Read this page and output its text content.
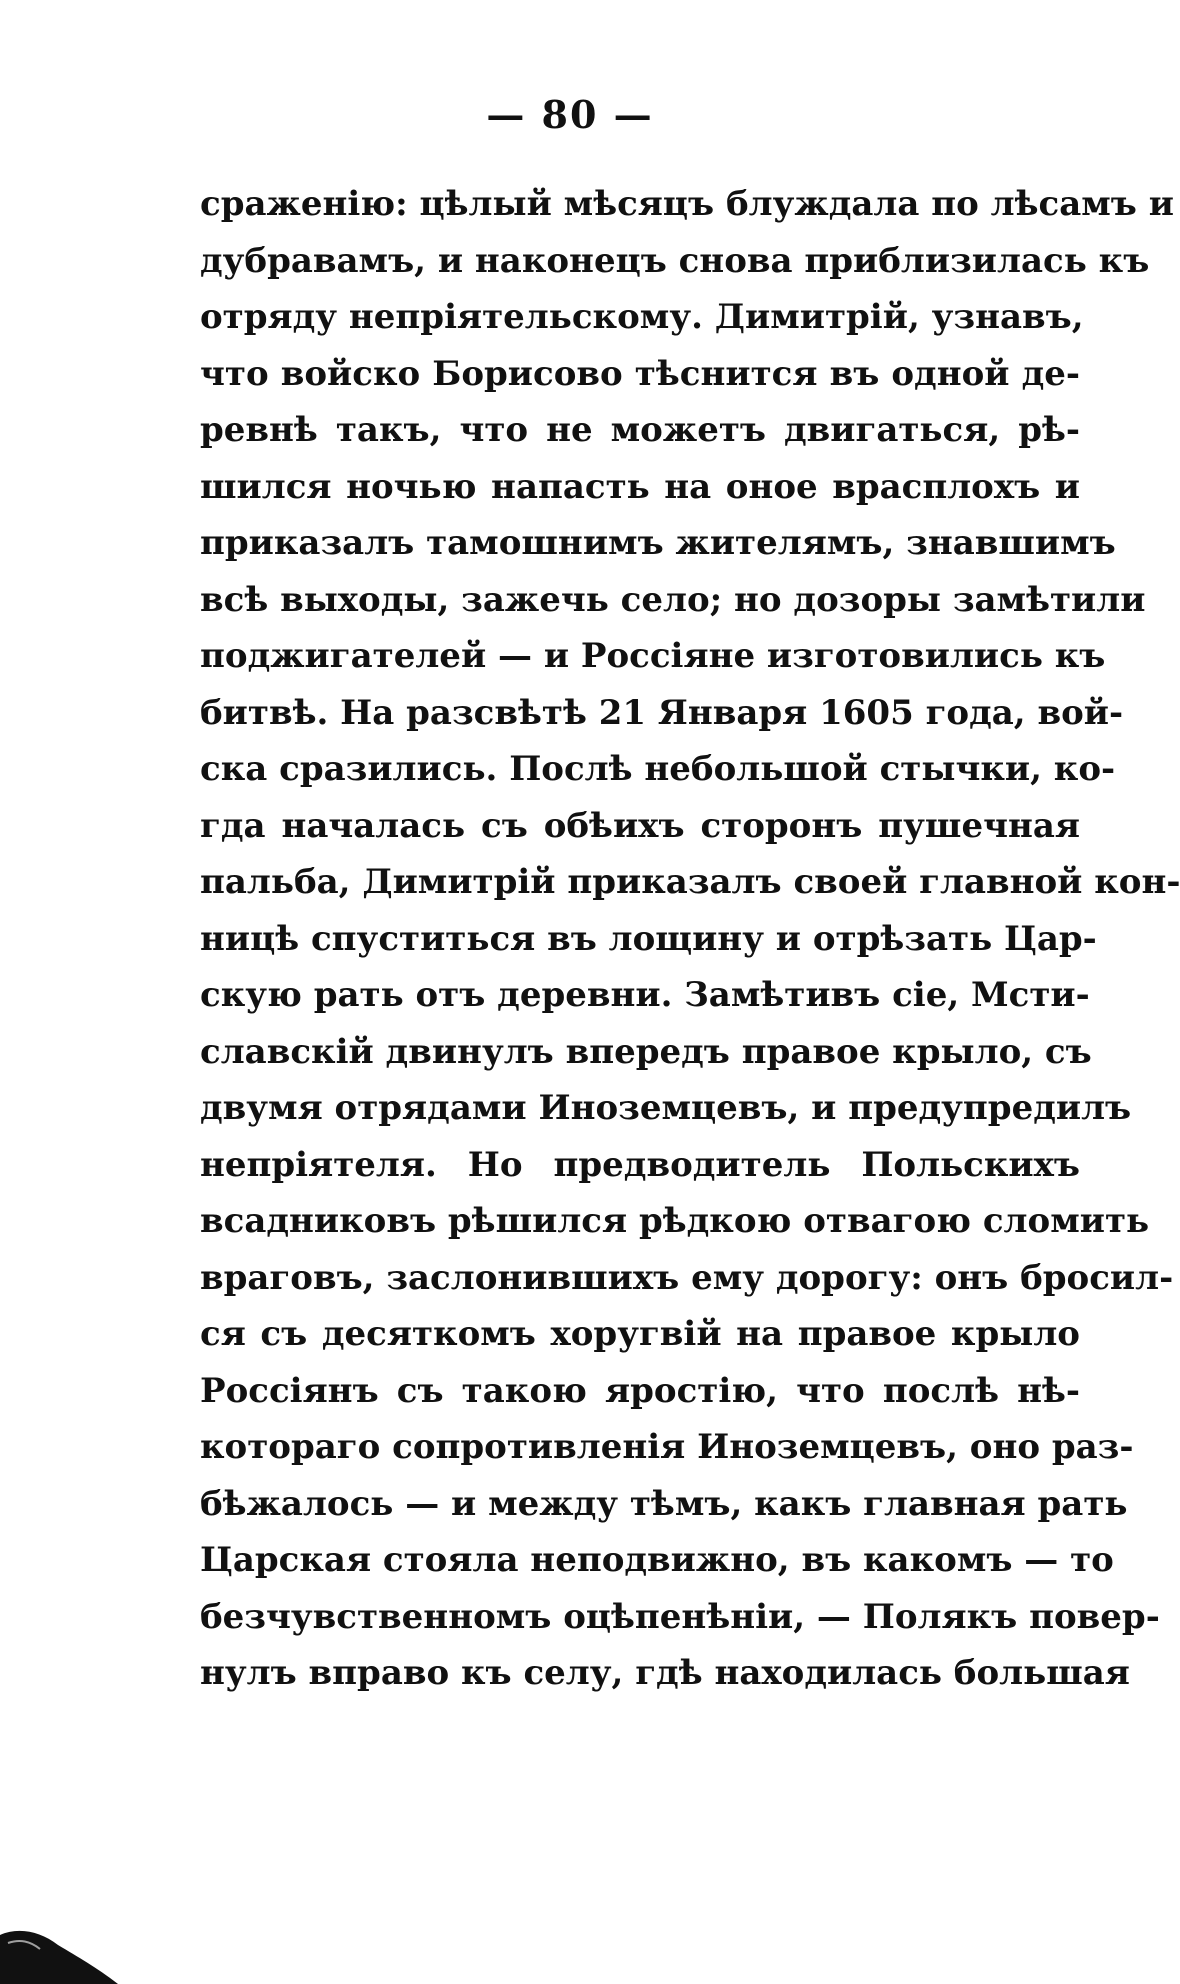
— 80 —
сраженію: цѣлый мѣсяцъ блуждала по лѣсамъ и
дубравамъ, и наконецъ снова приблизилась къ
отряду непріятельскому. Димитрій, узнавъ,
что войско Борисово тѣснится въ одной де-
ревнѣ такъ, что не можетъ двигаться, рѣ-
шился ночью напасть на оное врасплохъ и
приказалъ тамошнимъ жителямъ, знавшимъ
всѣ выходы, зажечь село; но дозоры замѣтили
поджигателей — и Россіяне изготовились къ
битвѣ. На разсвѣтѣ 21 Января 1605 года, вой-
ска сразились. Послѣ небольшой стычки, ко-
гда началась съ обѣихъ сторонъ пушечная
пальба, Димитрій приказалъ своей главной кон-
ницѣ спуститься въ лощину и отрѣзать Цар-
скую рать отъ деревни. Замѣтивъ сіе, Мсти-
славскій двинулъ впередъ правое крыло, съ
двумя отрядами Иноземцевъ, и предупредилъ
непріятеля. Но предводитель Польскихъ
всадниковъ рѣшился рѣдкою отвагою сломить
враговъ, заслонившихъ ему дорогу: онъ бросил-
ся съ десяткомъ хоругвій на правое крыло
Россіянъ съ такою яростію, что послѣ нѣ-
котораго сопротивленія Иноземцевъ, оно раз-
бѣжалось — и между тѣмъ, какъ главная рать
Царская стояла неподвижно, въ какомъ — то
безчувственномъ оцѣпенѣніи, — Полякъ повер-
нулъ вправо къ селу, гдѣ находилась большая
